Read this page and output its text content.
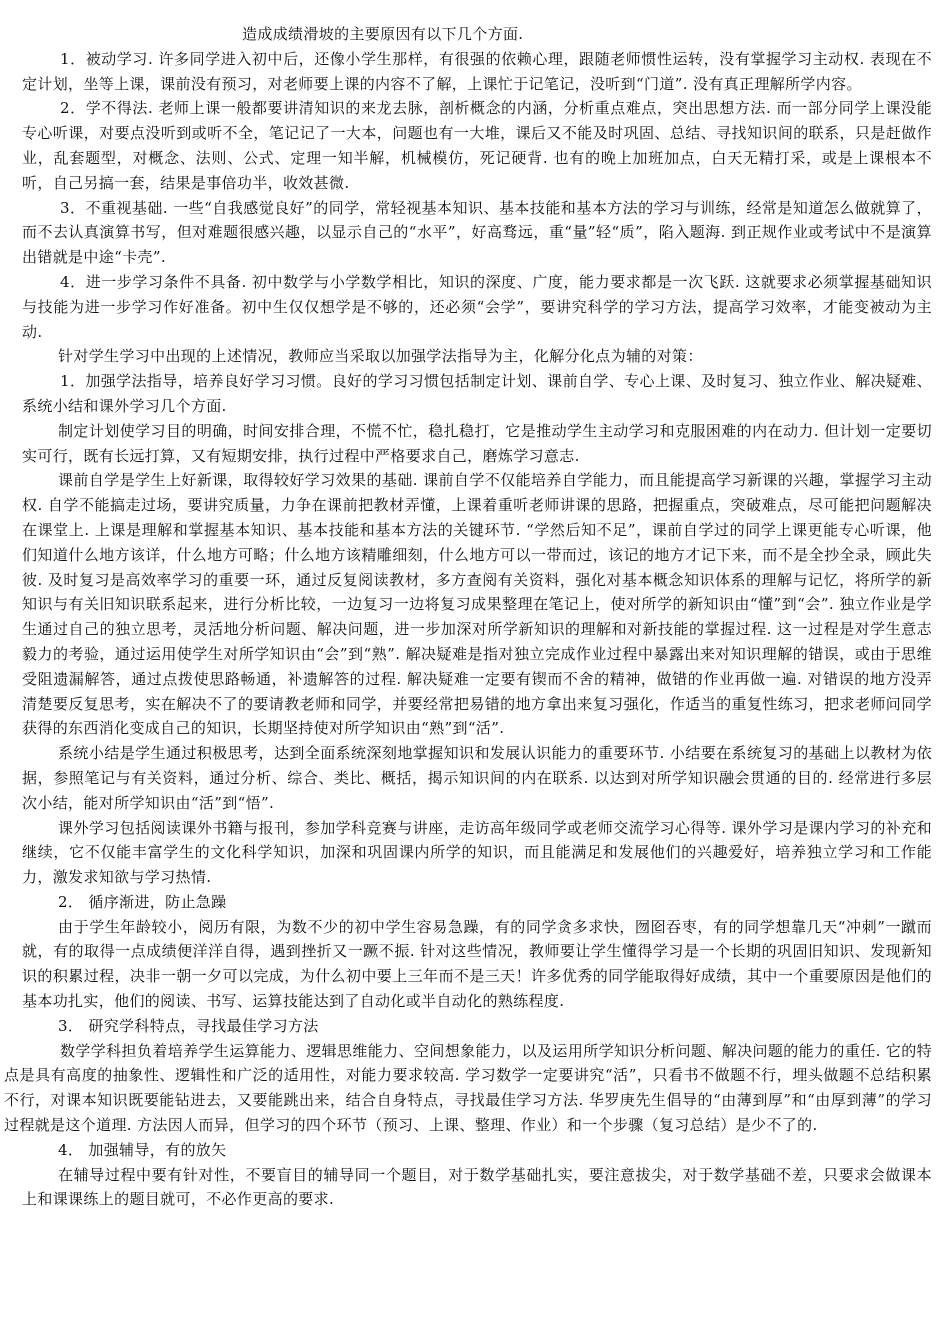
造成成绩滑坡的主要原因有以下几个方面.

1．被动学习. 许多同学进入初中后，还像小学生那样，有很强的依赖心理，跟随老师惯性运转，没有掌握学习主动权. 表现在不定计划，坐等上课，课前没有预习，对老师要上课的内容不了解，上课忙于记笔记，没听到“门道”. 没有真正理解所学内容。

2．学不得法. 老师上课一般都要讲清知识的来龙去脉，剖析概念的内涵，分析重点难点，突出思想方法. 而一部分同学上课没能专心听课，对要点没听到或听不全，笔记记了一大本，问题也有一大堆，课后又不能及时巩固、总结、寻找知识间的联系，只是赶做作业，乱套题型，对概念、法则、公式、定理一知半解，机械模仿，死记硬背. 也有的晚上加班加点，白天无精打采，或是上课根本不听，自己另搞一套，结果是事倍功半，收效甚微.

3．不重视基础. 一些“自我感觉良好”的同学，常轻视基本知识、基本技能和基本方法的学习与训练，经常是知道怎么做就算了，而不去认真演算书写，但对难题很感兴趣，以显示自己的“水平”，好高骛远，重“量”轻“质”，陷入题海. 到正规作业或考试中不是演算出错就是中途“卡壳”.

4．进一步学习条件不具备. 初中数学与小学数学相比，知识的深度、广度，能力要求都是一次飞跃. 这就要求必须掌握基础知识与技能为进一步学习作好准备。初中生仅仅想学是不够的，还必须“会学”，要讲究科学的学习方法，提高学习效率，才能变被动为主动.

针对学生学习中出现的上述情况，教师应当采取以加强学法指导为主，化解分化点为辅的对策：

1．加强学法指导，培养良好学习习惯。良好的学习习惯包括制定计划、课前自学、专心上课、及时复习、独立作业、解决疑难、系统小结和课外学习几个方面.

制定计划使学习目的明确，时间安排合理，不慌不忙，稳扎稳打，它是推动学生主动学习和克服困难的内在动力. 但计划一定要切实可行，既有长远打算，又有短期安排，执行过程中严格要求自己，磨炼学习意志.

课前自学是学生上好新课，取得较好学习效果的基础. 课前自学不仅能培养自学能力，而且能提高学习新课的兴趣，掌握学习主动权. 自学不能搞走过场，要讲究质量，力争在课前把教材弄懂，上课着重听老师讲课的思路，把握重点，突破难点，尽可能把问题解决在课堂上. 上课是理解和掌握基本知识、基本技能和基本方法的关键环节. “学然后知不足”，课前自学过的同学上课更能专心听课，他们知道什么地方该详，什么地方可略；什么地方该精雕细刻，什么地方可以一带而过，该记的地方才记下来，而不是全抄全录，顾此失彼. 及时复习是高效率学习的重要一环，通过反复阅读教材，多方查阅有关资料，强化对基本概念知识体系的理解与记忆，将所学的新知识与有关旧知识联系起来，进行分析比较，一边复习一边将复习成果整理在笔记上，使对所学的新知识由“懂”到“会”. 独立作业是学生通过自己的独立思考，灵活地分析问题、解决问题，进一步加深对所学新知识的理解和对新技能的掌握过程. 这一过程是对学生意志毅力的考验，通过运用使学生对所学知识由“会”到“熟”. 解决疑难是指对独立完成作业过程中暴露出来对知识理解的错误，或由于思维受阻遗漏解答，通过点拨使思路畅通，补遗解答的过程. 解决疑难一定要有锲而不舍的精神，做错的作业再做一遍. 对错误的地方没弄清楚要反复思考，实在解决不了的要请教老师和同学，并要经常把易错的地方拿出来复习强化，作适当的重复性练习，把求老师问同学获得的东西消化变成自己的知识，长期坚持使对所学知识由“熟”到“活”.

系统小结是学生通过积极思考，达到全面系统深刻地掌握知识和发展认识能力的重要环节. 小结要在系统复习的基础上以教材为依据，参照笔记与有关资料，通过分析、综合、类比、概括，揭示知识间的内在联系. 以达到对所学知识融会贯通的目的. 经常进行多层次小结，能对所学知识由“活”到“悟”.

课外学习包括阅读课外书籍与报刊，参加学科竞赛与讲座，走访高年级同学或老师交流学习心得等. 课外学习是课内学习的补充和继续，它不仅能丰富学生的文化科学知识，加深和巩固课内所学的知识，而且能满足和发展他们的兴趣爱好，培养独立学习和工作能力，激发求知欲与学习热情.

2． 循序渐进，防止急躁

由于学生年龄较小，阅历有限，为数不少的初中学生容易急躁，有的同学贪多求快，囫囵吞枣，有的同学想靠几天“冲刺”一蹴而就，有的取得一点成绩便洋洋自得，遇到挫折又一蹶不振. 针对这些情况，教师要让学生懂得学习是一个长期的巩固旧知识、发现新知识的积累过程，决非一朝一夕可以完成，为什么初中要上三年而不是三天！许多优秀的同学能取得好成绩，其中一个重要原因是他们的基本功扎实，他们的阅读、书写、运算技能达到了自动化或半自动化的熟练程度.

3． 研究学科特点，寻找最佳学习方法

数学学科担负着培养学生运算能力、逻辑思维能力、空间想象能力，以及运用所学知识分析问题、解决问题的能力的重任. 它的特点是具有高度的抽象性、逻辑性和广泛的适用性，对能力要求较高. 学习数学一定要讲究“活”，只看书不做题不行，埋头做题不总结积累不行，对课本知识既要能钻进去，又要能跳出来，结合自身特点，寻找最佳学习方法. 华罗庚先生倡导的“由薄到厚”和“由厚到薄”的学习过程就是这个道理. 方法因人而异，但学习的四个环节（预习、上课、整理、作业）和一个步骤（复习总结）是少不了的.

4． 加强辅导，有的放矢

在辅导过程中要有针对性，不要盲目的辅导同一个题目，对于数学基础扎实，要注意拔尖，对于数学基础不差，只要求会做课本上和课课练上的题目就可，不必作更高的要求.
